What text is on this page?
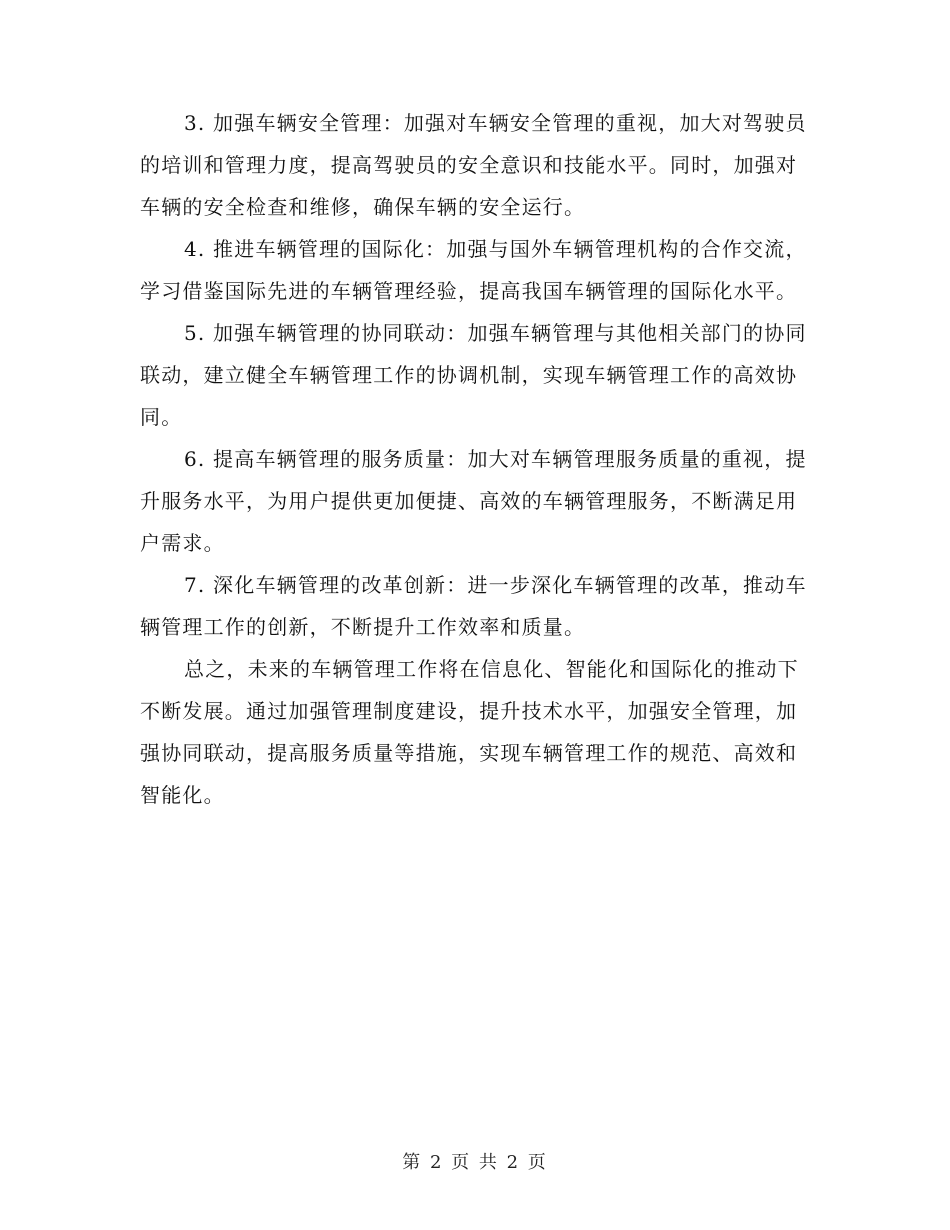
3. 加强车辆安全管理：加强对车辆安全管理的重视，加大对驾驶员的培训和管理力度，提高驾驶员的安全意识和技能水平。同时，加强对车辆的安全检查和维修，确保车辆的安全运行。

4. 推进车辆管理的国际化：加强与国外车辆管理机构的合作交流，学习借鉴国际先进的车辆管理经验，提高我国车辆管理的国际化水平。

5. 加强车辆管理的协同联动：加强车辆管理与其他相关部门的协同联动，建立健全车辆管理工作的协调机制，实现车辆管理工作的高效协同。

6. 提高车辆管理的服务质量：加大对车辆管理服务质量的重视，提升服务水平，为用户提供更加便捷、高效的车辆管理服务，不断满足用户需求。

7. 深化车辆管理的改革创新：进一步深化车辆管理的改革，推动车辆管理工作的创新，不断提升工作效率和质量。

总之，未来的车辆管理工作将在信息化、智能化和国际化的推动下不断发展。通过加强管理制度建设，提升技术水平，加强安全管理，加强协同联动，提高服务质量等措施，实现车辆管理工作的规范、高效和智能化。

第 2 页 共 2 页
